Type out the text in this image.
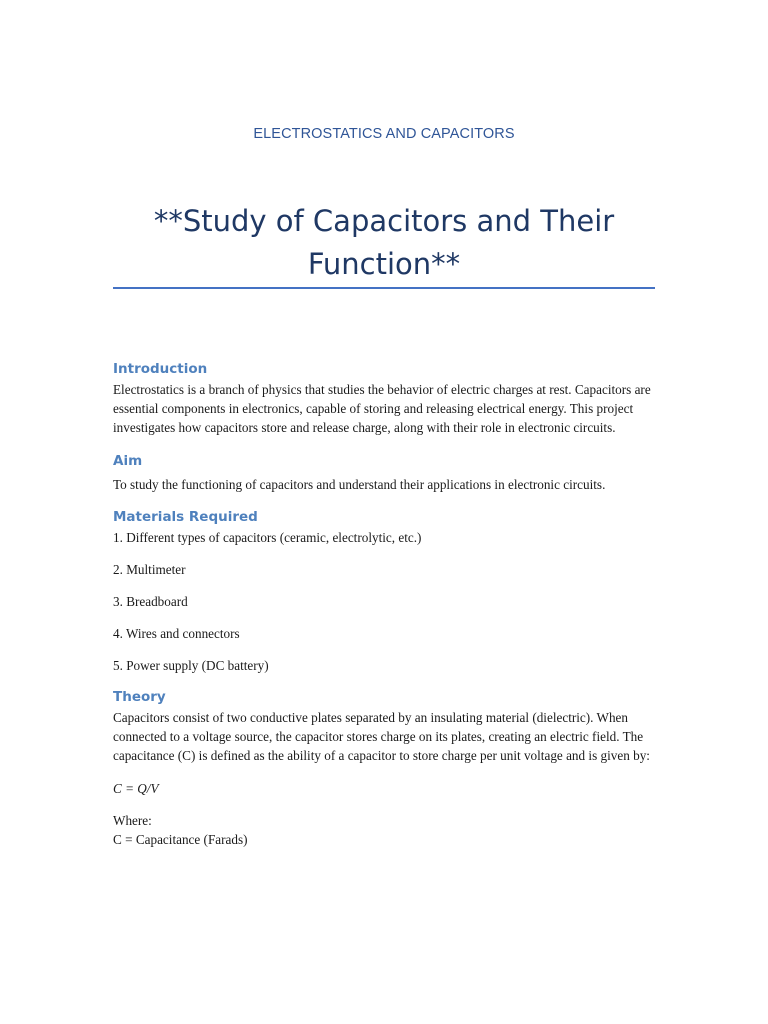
ELECTROSTATICS AND CAPACITORS
**Study of Capacitors and Their
Function**
Introduction

Electrostatics is a branch of physics that studies the behavior of electric charges at rest. Capacitors are essential components in electronics, capable of storing and releasing electrical energy. This project investigates how capacitors store and release charge, along with their role in electronic circuits.

Aim

To study the functioning of capacitors and understand their applications in electronic circuits.

Materials Required

1. Different types of capacitors (ceramic, electrolytic, etc.)

2. Multimeter

3. Breadboard

4. Wires and connectors

5. Power supply (DC battery)

Theory

Capacitors consist of two conductive plates separated by an insulating material (dielectric). When connected to a voltage source, the capacitor stores charge on its plates, creating an electric field. The capacitance (C) is defined as the ability of a capacitor to store charge per unit voltage and is given by:

C = Q/V

Where:

C = Capacitance (Farads)
